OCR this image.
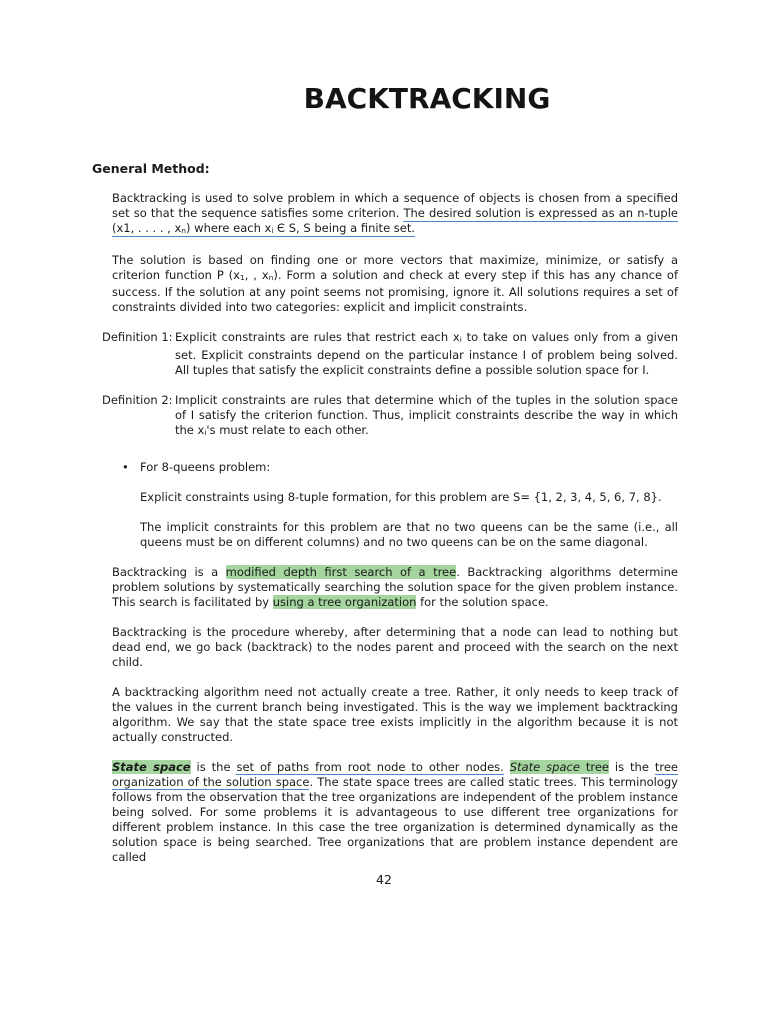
BACKTRACKING
General Method:
Backtracking is used to solve problem in which a sequence of objects is chosen from a specified set so that the sequence satisfies some criterion. The desired solution is expressed as an n-tuple (x1, . . . . , xn) where each xi Є S, S being a finite set.
The solution is based on finding one or more vectors that maximize, minimize, or satisfy a criterion function P (x1, , xn). Form a solution and check at every step if this has any chance of success. If the solution at any point seems not promising, ignore it. All solutions requires a set of constraints divided into two categories: explicit and implicit constraints.
Definition 1: Explicit constraints are rules that restrict each xi to take on values only from a given set. Explicit constraints depend on the particular instance I of problem being solved. All tuples that satisfy the explicit constraints define a possible solution space for I.
Definition 2: Implicit constraints are rules that determine which of the tuples in the solution space of I satisfy the criterion function. Thus, implicit constraints describe the way in which the xi's must relate to each other.
• For 8-queens problem:
Explicit constraints using 8-tuple formation, for this problem are S= {1, 2, 3, 4, 5, 6, 7, 8}.
The implicit constraints for this problem are that no two queens can be the same (i.e., all queens must be on different columns) and no two queens can be on the same diagonal.
Backtracking is a modified depth first search of a tree. Backtracking algorithms determine problem solutions by systematically searching the solution space for the given problem instance. This search is facilitated by using a tree organization for the solution space.
Backtracking is the procedure whereby, after determining that a node can lead to nothing but dead end, we go back (backtrack) to the nodes parent and proceed with the search on the next child.
A backtracking algorithm need not actually create a tree. Rather, it only needs to keep track of the values in the current branch being investigated. This is the way we implement backtracking algorithm. We say that the state space tree exists implicitly in the algorithm because it is not actually constructed.
State space is the set of paths from root node to other nodes. State space tree is the tree organization of the solution space. The state space trees are called static trees. This terminology follows from the observation that the tree organizations are independent of the problem instance being solved. For some problems it is advantageous to use different tree organizations for different problem instance. In this case the tree organization is determined dynamically as the solution space is being searched. Tree organizations that are problem instance dependent are called
42
